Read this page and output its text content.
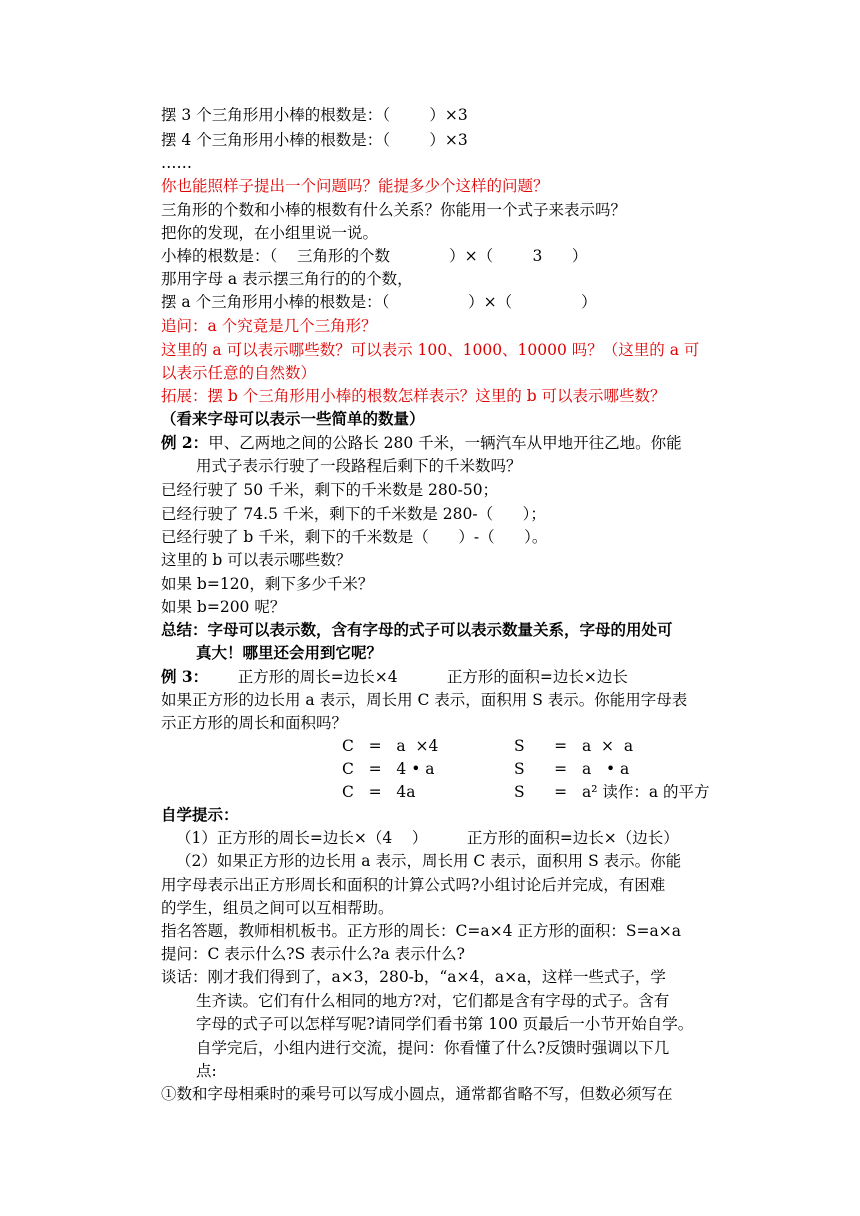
摆 3 个三角形用小棒的根数是：（        ）×3
摆 4 个三角形用小棒的根数是：（        ）×3
……
你也能照样子提出一个问题吗？能提多少个这样的问题？
三角形的个数和小棒的根数有什么关系？你能用一个式子来表示吗？
把你的发现，在小组里说一说。
小棒的根数是：（    三角形的个数            ）×（        3      ）
那用字母 a 表示摆三角行的的个数，
摆 a 个三角形用小棒的根数是：（                ）×（              ）
追问：a 个究竟是几个三角形？
这里的 a 可以表示哪些数？可以表示 100、1000、10000 吗？（这里的 a 可
以表示任意的自然数）
拓展：摆 b 个三角形用小棒的根数怎样表示？这里的 b 可以表示哪些数？
（看来字母可以表示一些简单的数量）
例 2：甲、乙两地之间的公路长 280 千米，一辆汽车从甲地开往乙地。你能
用式子表示行驶了一段路程后剩下的千米数吗？
已经行驶了 50 千米，剩下的千米数是 280-50；
已经行驶了 74.5 千米，剩下的千米数是 280-（      ）；
已经行驶了 b 千米，剩下的千米数是（      ）-（      ）。
这里的 b 可以表示哪些数？
如果 b=120，剩下多少千米？
如果 b=200 呢？
总结：字母可以表示数，含有字母的式子可以表示数量关系，字母的用处可
真大！哪里还会用到它呢？
例 3：      正方形的周长=边长×4          正方形的面积=边长×边长
如果正方形的边长用 a 表示，周长用 C 表示，面积用 S 表示。你能用字母表
示正方形的周长和面积吗？
C   =   a  ×4	S      =   a  ×  a
C   =   4 • a	S      =   a   • a
C   =   4a	S      =   a² 读作：a 的平方
自学提示：
（1）正方形的周长=边长×（4    ）        正方形的面积=边长×（边长）
（2）如果正方形的边长用 a 表示，周长用 C 表示，面积用 S 表示。你能
用字母表示出正方形周长和面积的计算公式吗?小组讨论后并完成，有困难
的学生，组员之间可以互相帮助。
指名答题，教师相机板书。正方形的周长：C=a×4 正方形的面积：S=a×a
提问：C 表示什么?S 表示什么?a 表示什么?
谈话：刚才我们得到了，a×3，280-b，“a×4，a×a，这样一些式子，学
生齐读。它们有什么相同的地方?对，它们都是含有字母的式子。含有
字母的式子可以怎样写呢?请同学们看书第 100 页最后一小节开始自学。
自学完后，小组内进行交流，提问：你看懂了什么?反馈时强调以下几
点:
①数和字母相乘时的乘号可以写成小圆点，通常都省略不写，但数必须写在
